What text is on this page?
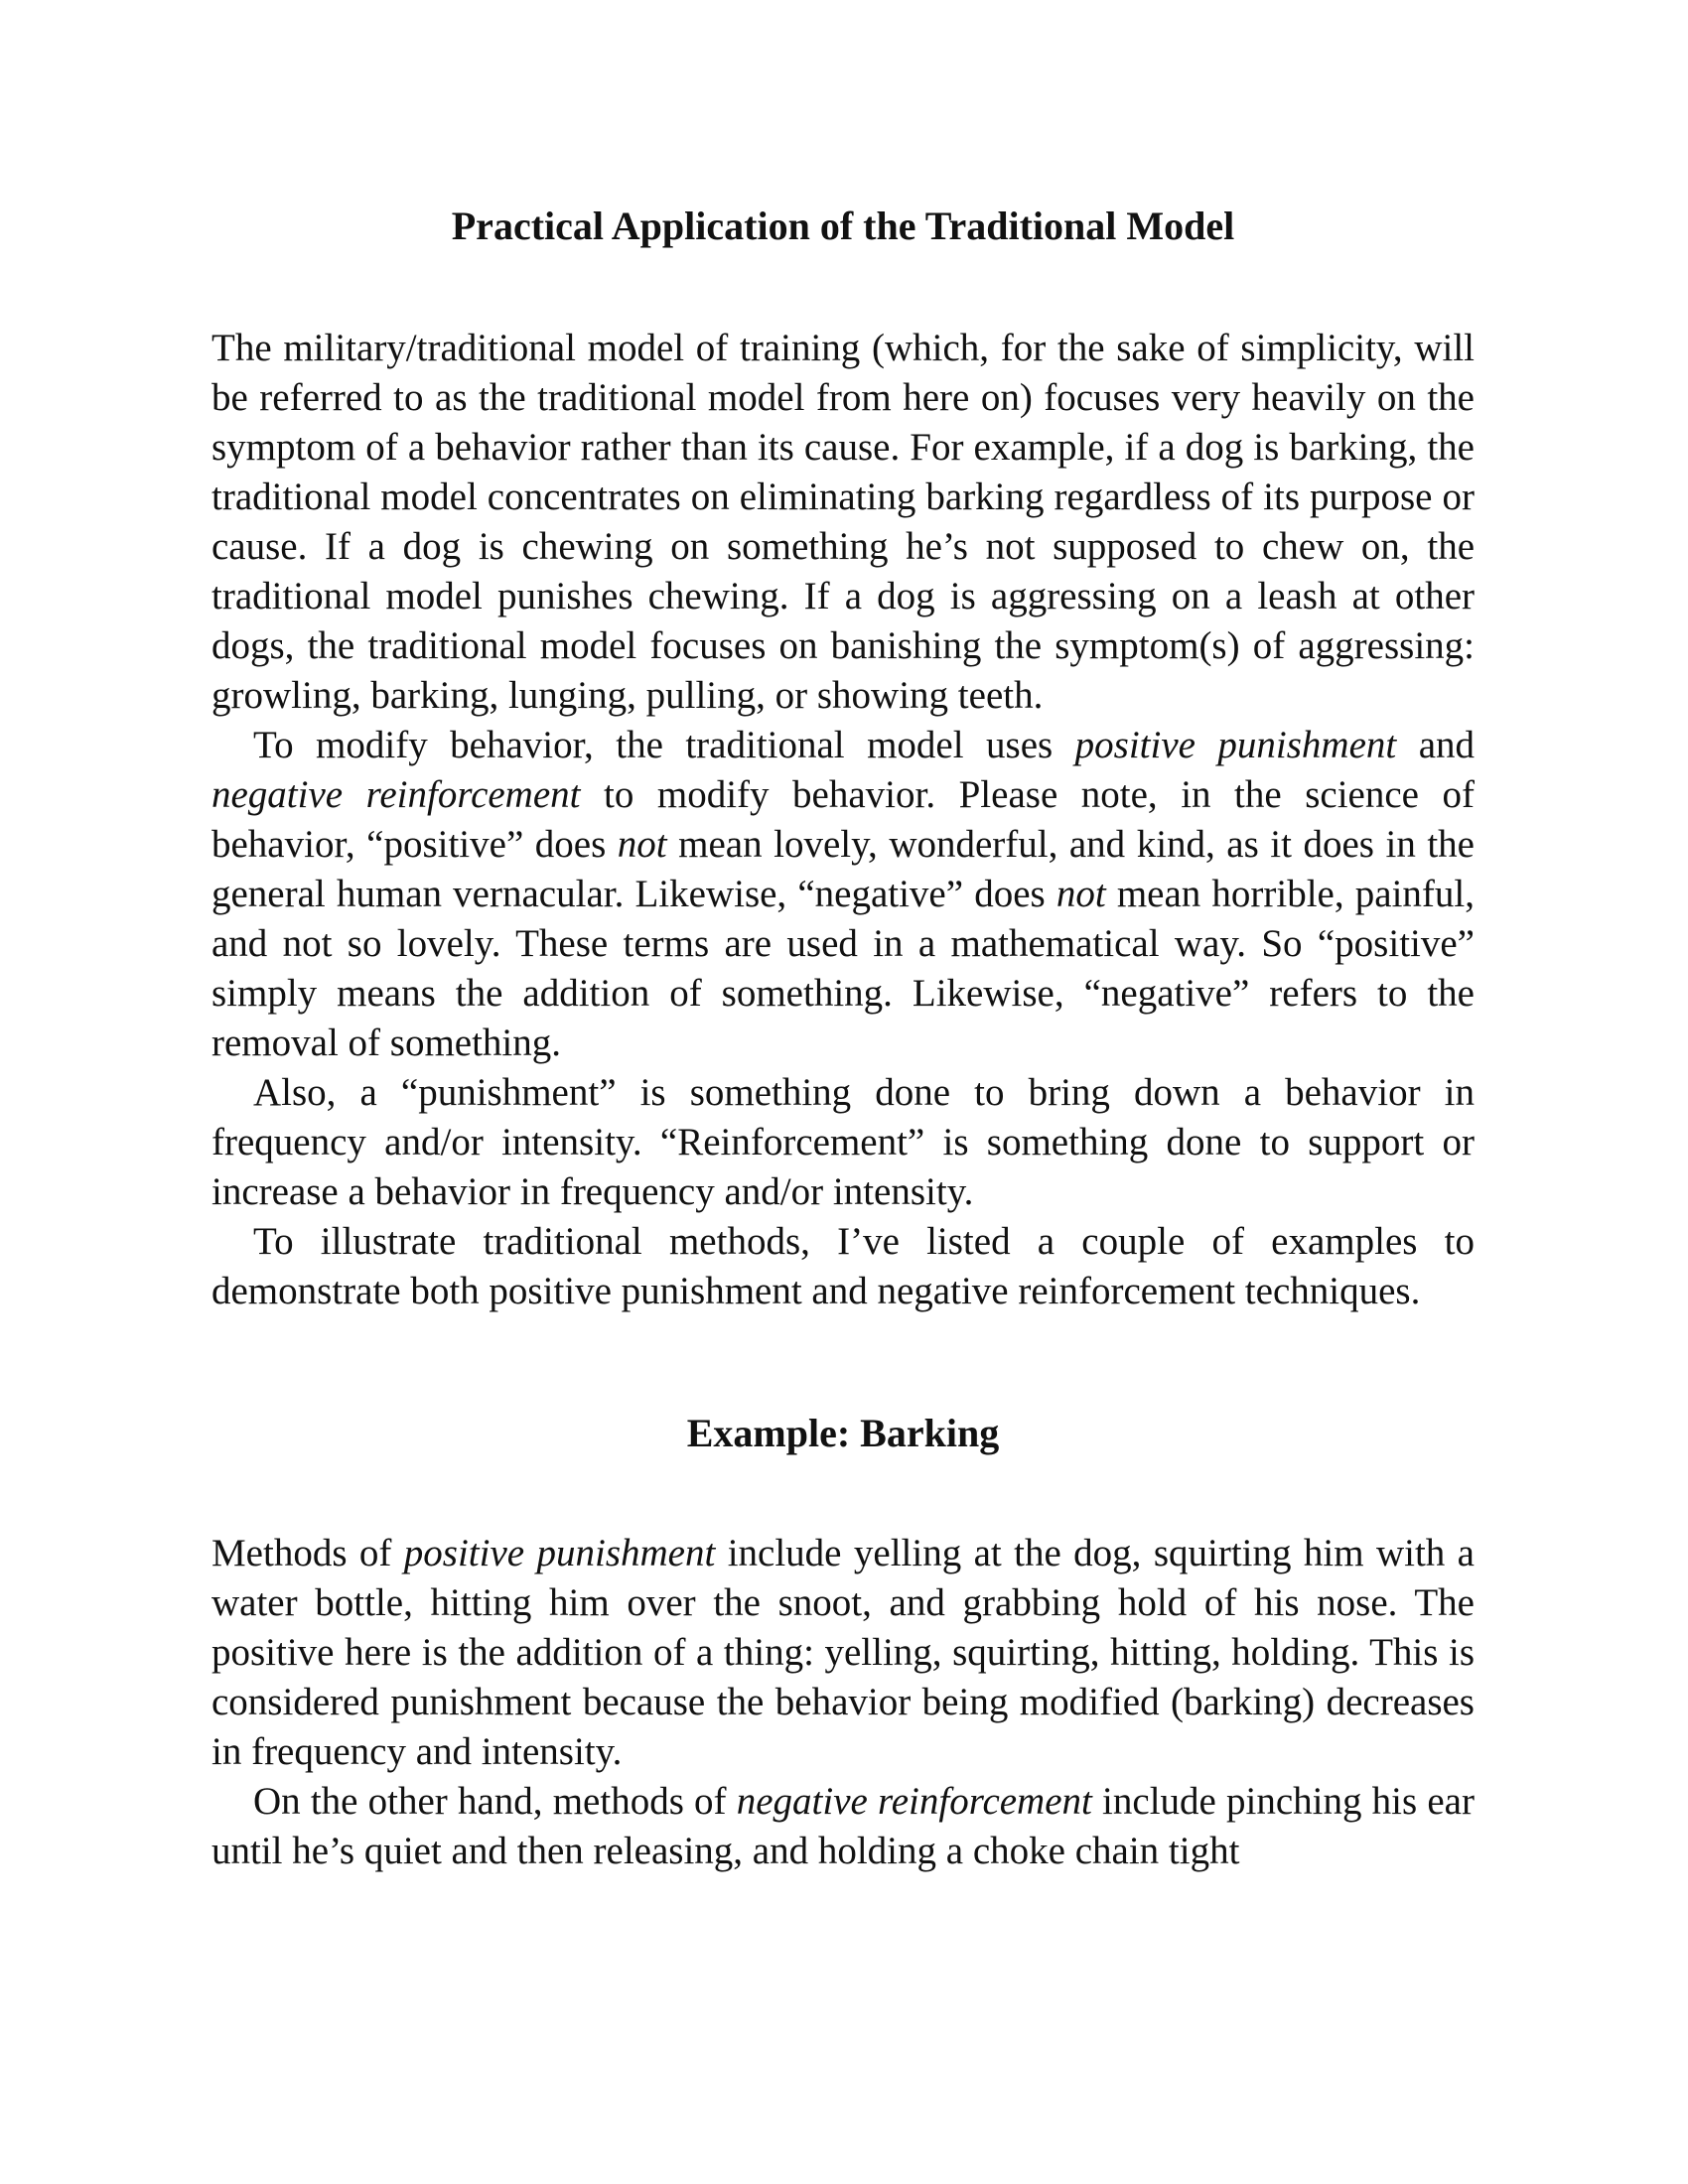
Practical Application of the Traditional Model

The military/traditional model of training (which, for the sake of simplicity, will be referred to as the traditional model from here on) focuses very heavily on the symptom of a behavior rather than its cause. For example, if a dog is barking, the traditional model concentrates on eliminating barking regardless of its purpose or cause. If a dog is chewing on something he’s not supposed to chew on, the traditional model punishes chewing. If a dog is aggressing on a leash at other dogs, the traditional model focuses on banishing the symptom(s) of aggressing: growling, barking, lunging, pulling, or showing teeth.

To modify behavior, the traditional model uses positive punishment and negative reinforcement to modify behavior. Please note, in the science of behavior, “positive” does not mean lovely, wonderful, and kind, as it does in the general human vernacular. Likewise, “negative” does not mean horrible, painful, and not so lovely. These terms are used in a mathematical way. So “positive” simply means the addition of something. Likewise, “negative” refers to the removal of something.

Also, a “punishment” is something done to bring down a behavior in frequency and/or intensity. “Reinforcement” is something done to support or increase a behavior in frequency and/or intensity.

To illustrate traditional methods, I’ve listed a couple of examples to demonstrate both positive punishment and negative reinforcement techniques.

Example: Barking

Methods of positive punishment include yelling at the dog, squirting him with a water bottle, hitting him over the snoot, and grabbing hold of his nose. The positive here is the addition of a thing: yelling, squirting, hitting, holding. This is considered punishment because the behavior being modified (barking) decreases in frequency and intensity.

On the other hand, methods of negative reinforcement include pinching his ear until he’s quiet and then releasing, and holding a choke chain tight
